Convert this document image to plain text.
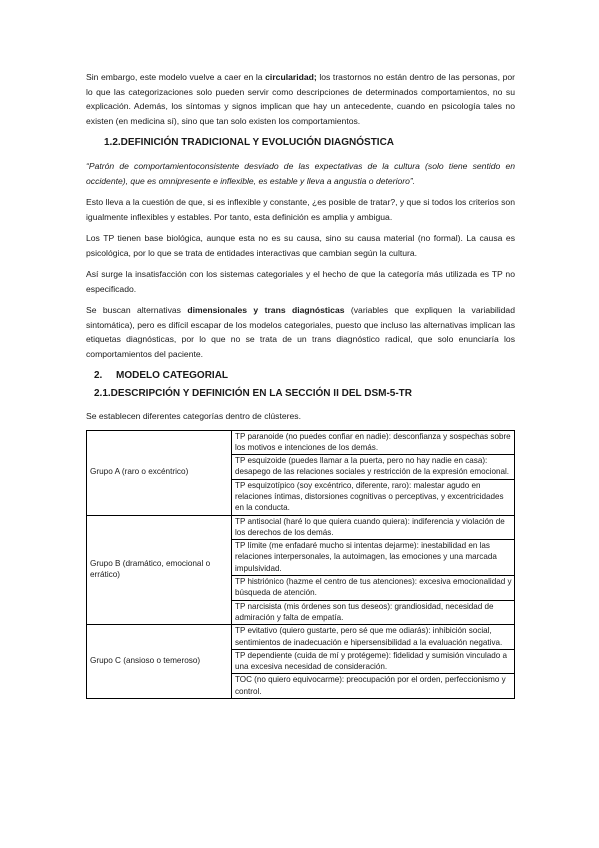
Sin embargo, este modelo vuelve a caer en la circularidad; los trastornos no están dentro de las personas, por lo que las categorizaciones solo pueden servir como descripciones de determinados comportamientos, no su explicación. Además, los síntomas y signos implican que hay un antecedente, cuando en psicología tales no existen (en medicina sí), sino que tan solo existen los comportamientos.

1.2.DEFINICIÓN TRADICIONAL Y EVOLUCIÓN DIAGNÓSTICA

“Patrón de comportamientoconsistente desviado de las expectativas de la cultura (solo tiene sentido en occidente), que es omnipresente e inflexible, es estable y lleva a angustia o deterioro”.

Esto lleva a la cuestión de que, si es inflexible y constante, ¿es posible de tratar?, y que si todos los criterios son igualmente inflexibles y estables. Por tanto, esta definición es amplia y ambigua.

Los TP tienen base biológica, aunque esta no es su causa, sino su causa material (no formal). La causa es psicológica, por lo que se trata de entidades interactivas que cambian según la cultura.

Así surge la insatisfacción con los sistemas categoriales y el hecho de que la categoría más utilizada es TP no especificado.

Se buscan alternativas dimensionales y trans diagnósticas (variables que expliquen la variabilidad sintomática), pero es difícil escapar de los modelos categoriales, puesto que incluso las alternativas implican las etiquetas diagnósticas, por lo que no se trata de un trans diagnóstico radical, que solo enunciaría los comportamientos del paciente.

2. MODELO CATEGORIAL
2.1.DESCRIPCIÓN Y DEFINICIÓN EN LA SECCIÓN II DEL DSM-5-TR

Se establecen diferentes categorías dentro de clústeres.

Grupo A (raro o excéntrico)	TP paranoide (no puedes confiar en nadie): desconfianza y sospechas sobre los motivos e intenciones de los demás.
	TP esquizoide (puedes llamar a la puerta, pero no hay nadie en casa): desapego de las relaciones sociales y restricción de la expresión emocional.
	TP esquizotípico (soy excéntrico, diferente, raro): malestar agudo en relaciones íntimas, distorsiones cognitivas o perceptivas, y excentricidades en la conducta.
Grupo B (dramático, emocional o errático)	TP antisocial (haré lo que quiera cuando quiera): indiferencia y violación de los derechos de los demás.
	TP límite (me enfadaré mucho si intentas dejarme): inestabilidad en las relaciones interpersonales, la autoimagen, las emociones y una marcada impulsividad.
	TP histriónico (hazme el centro de tus atenciones): excesiva emocionalidad y búsqueda de atención.
	TP narcisista (mis órdenes son tus deseos): grandiosidad, necesidad de admiración y falta de empatía.
Grupo C (ansioso o temeroso)	TP evitativo (quiero gustarte, pero sé que me odiarás): inhibición social, sentimientos de inadecuación e hipersensibilidad a la evaluación negativa.
	TP dependiente (cuida de mí y protégeme): fidelidad y sumisión vinculado a una excesiva necesidad de consideración.
	TOC (no quiero equivocarme): preocupación por el orden, perfeccionismo y control.
